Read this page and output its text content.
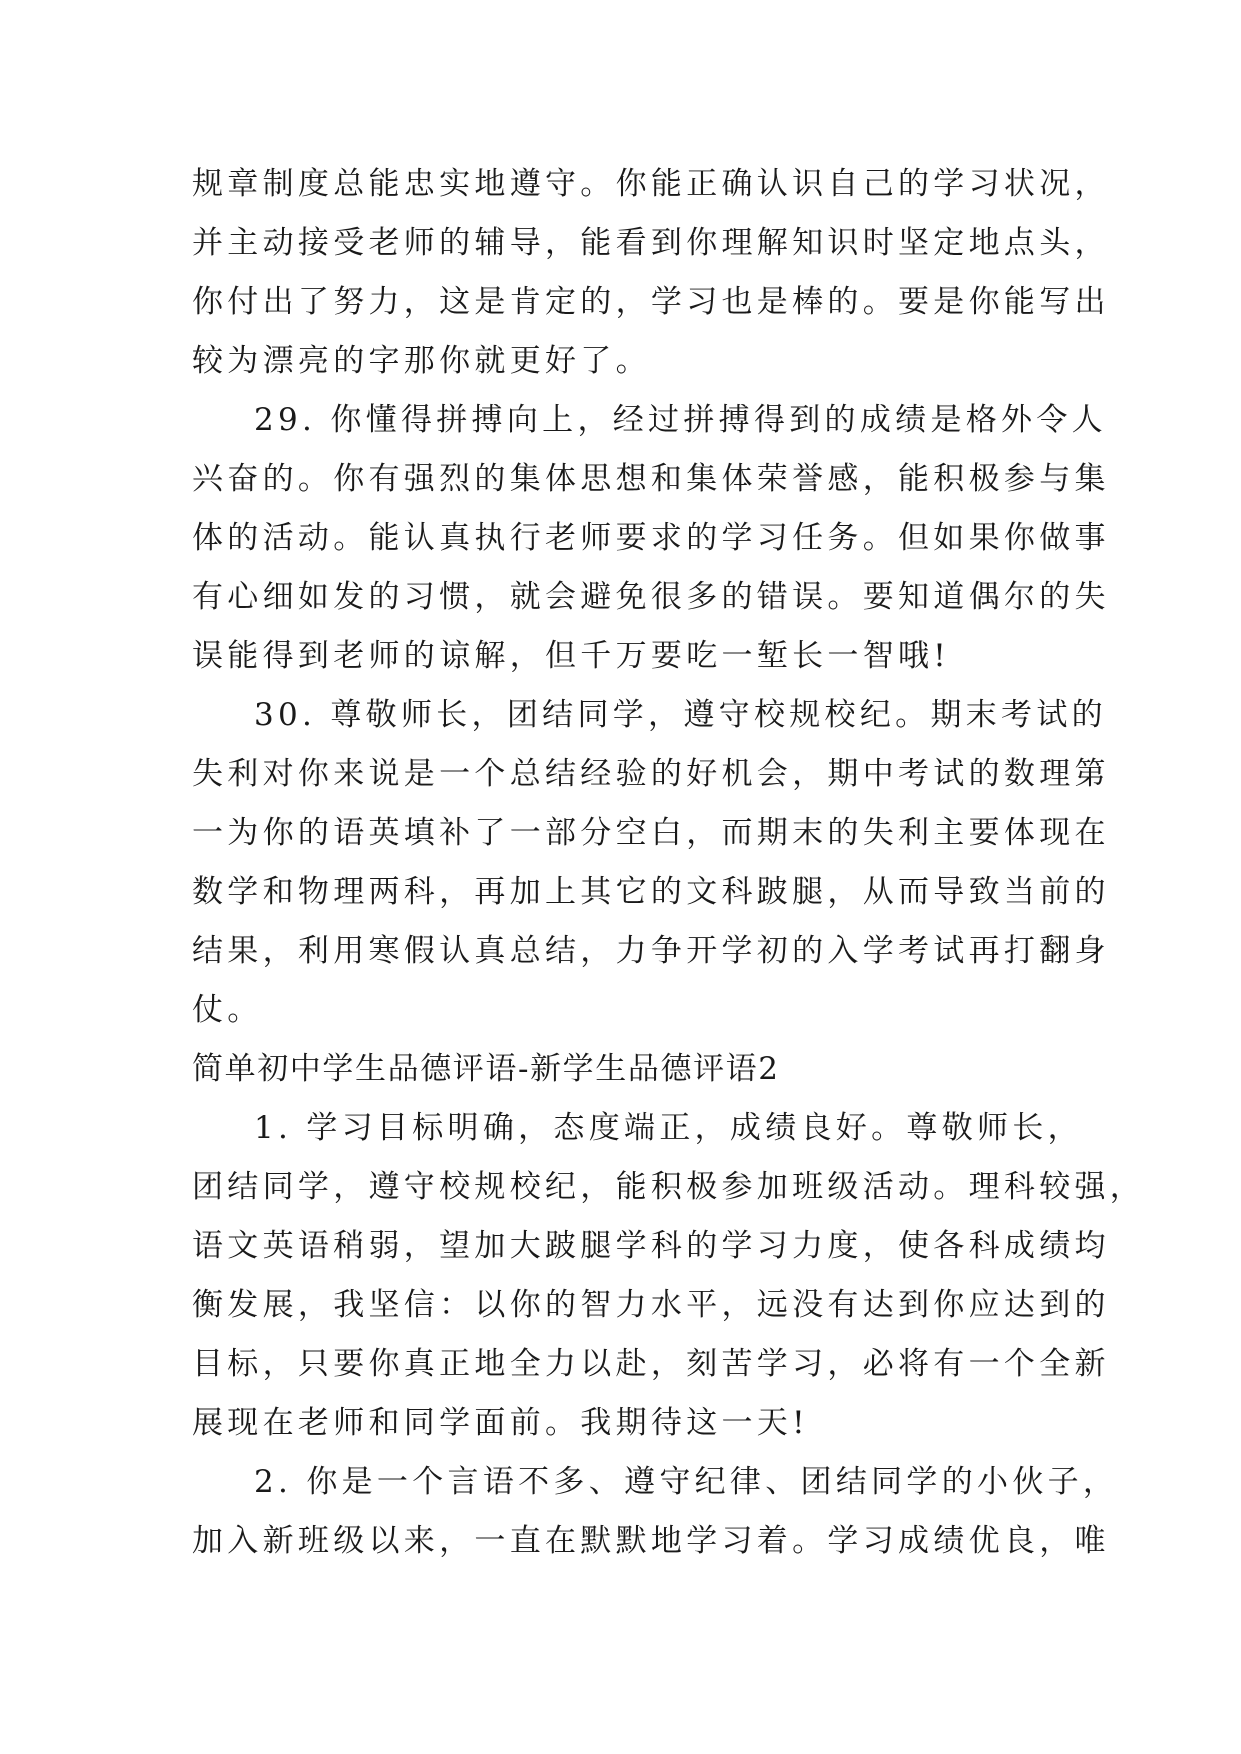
规章制度总能忠实地遵守。你能正确认识自己的学习状况，
并主动接受老师的辅导，能看到你理解知识时坚定地点头，
你付出了努力，这是肯定的，学习也是棒的。要是你能写出
较为漂亮的字那你就更好了。
29. 你懂得拼搏向上，经过拼搏得到的成绩是格外令人
兴奋的。你有强烈的集体思想和集体荣誉感，能积极参与集
体的活动。能认真执行老师要求的学习任务。但如果你做事
有心细如发的习惯，就会避免很多的错误。要知道偶尔的失
误能得到老师的谅解，但千万要吃一堑长一智哦!
30. 尊敬师长，团结同学，遵守校规校纪。期末考试的
失利对你来说是一个总结经验的好机会，期中考试的数理第
一为你的语英填补了一部分空白，而期末的失利主要体现在
数学和物理两科，再加上其它的文科跛腿，从而导致当前的
结果，利用寒假认真总结，力争开学初的入学考试再打翻身
仗。
简单初中学生品德评语-新学生品德评语2
1. 学习目标明确，态度端正，成绩良好。尊敬师长，
团结同学，遵守校规校纪，能积极参加班级活动。理科较强，
语文英语稍弱，望加大跛腿学科的学习力度，使各科成绩均
衡发展，我坚信：以你的智力水平，远没有达到你应达到的
目标，只要你真正地全力以赴，刻苦学习，必将有一个全新
展现在老师和同学面前。我期待这一天!
2. 你是一个言语不多、遵守纪律、团结同学的小伙子，
加入新班级以来，一直在默默地学习着。学习成绩优良，唯
